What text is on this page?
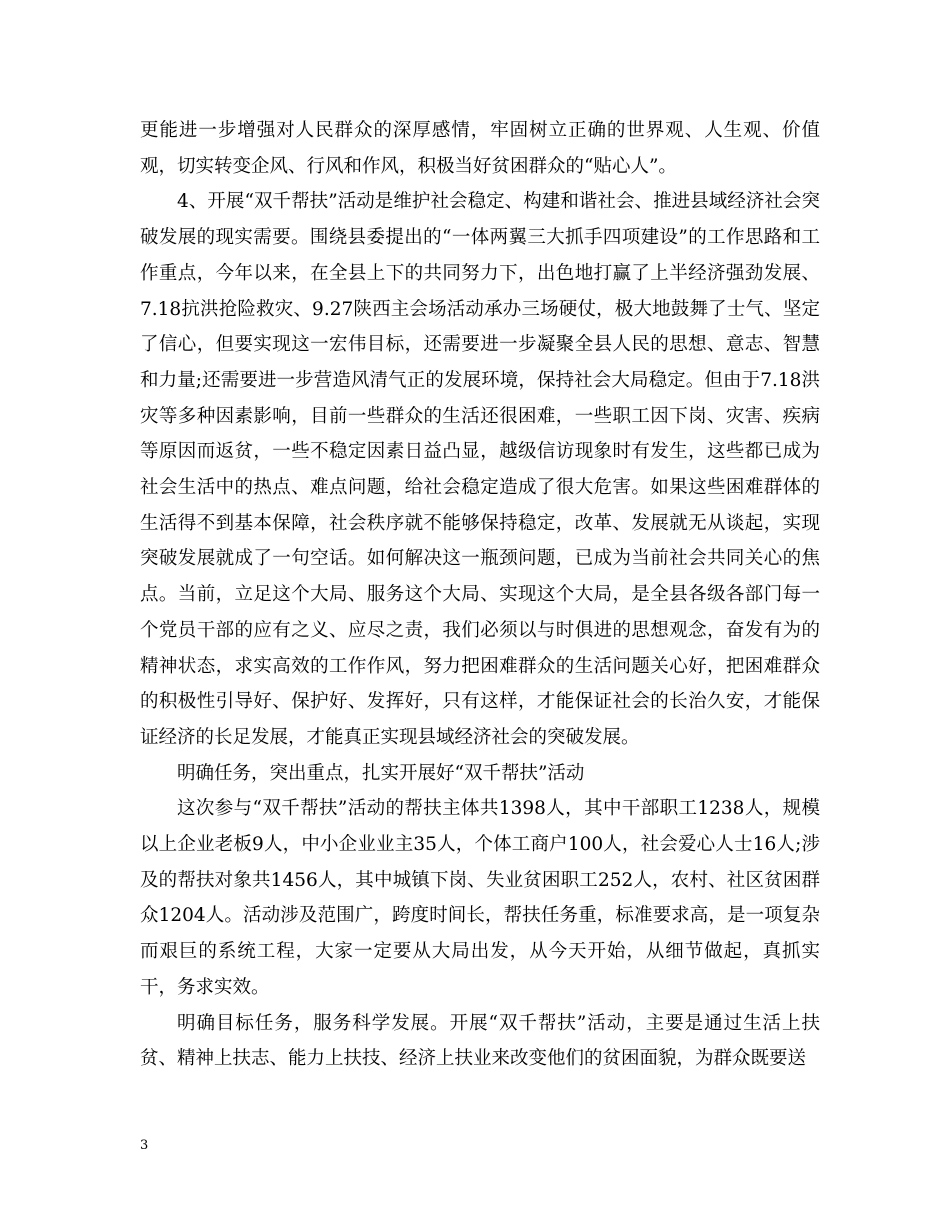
更能进一步增强对人民群众的深厚感情，牢固树立正确的世界观、人生观、价值观，切实转变企风、行风和作风，积极当好贫困群众的“贴心人”。

4、开展“双千帮扶”活动是维护社会稳定、构建和谐社会、推进县域经济社会突破发展的现实需要。围绕县委提出的“一体两翼三大抓手四项建设”的工作思路和工作重点，今年以来，在全县上下的共同努力下，出色地打赢了上半经济强劲发展、7.18抗洪抢险救灾、9.27陕西主会场活动承办三场硬仗，极大地鼓舞了士气、坚定了信心，但要实现这一宏伟目标，还需要进一步凝聚全县人民的思想、意志、智慧和力量;还需要进一步营造风清气正的发展环境，保持社会大局稳定。但由于7.18洪灾等多种因素影响，目前一些群众的生活还很困难，一些职工因下岗、灾害、疾病等原因而返贫，一些不稳定因素日益凸显，越级信访现象时有发生，这些都已成为社会生活中的热点、难点问题，给社会稳定造成了很大危害。如果这些困难群体的生活得不到基本保障，社会秩序就不能够保持稳定，改革、发展就无从谈起，实现突破发展就成了一句空话。如何解决这一瓶颈问题，已成为当前社会共同关心的焦点。当前，立足这个大局、服务这个大局、实现这个大局，是全县各级各部门每一个党员干部的应有之义、应尽之责，我们必须以与时俱进的思想观念，奋发有为的精神状态，求实高效的工作作风，努力把困难群众的生活问题关心好，把困难群众的积极性引导好、保护好、发挥好，只有这样，才能保证社会的长治久安，才能保证经济的长足发展，才能真正实现县域经济社会的突破发展。

明确任务，突出重点，扎实开展好“双千帮扶”活动

这次参与“双千帮扶”活动的帮扶主体共1398人，其中干部职工1238人，规模以上企业老板9人，中小企业业主35人，个体工商户100人，社会爱心人士16人;涉及的帮扶对象共1456人，其中城镇下岗、失业贫困职工252人，农村、社区贫困群众1204人。活动涉及范围广，跨度时间长，帮扶任务重，标准要求高，是一项复杂而艰巨的系统工程，大家一定要从大局出发，从今天开始，从细节做起，真抓实干，务求实效。

明确目标任务，服务科学发展。开展“双千帮扶”活动，主要是通过生活上扶贫、精神上扶志、能力上扶技、经济上扶业来改变他们的贫困面貌，为群众既要送

3
